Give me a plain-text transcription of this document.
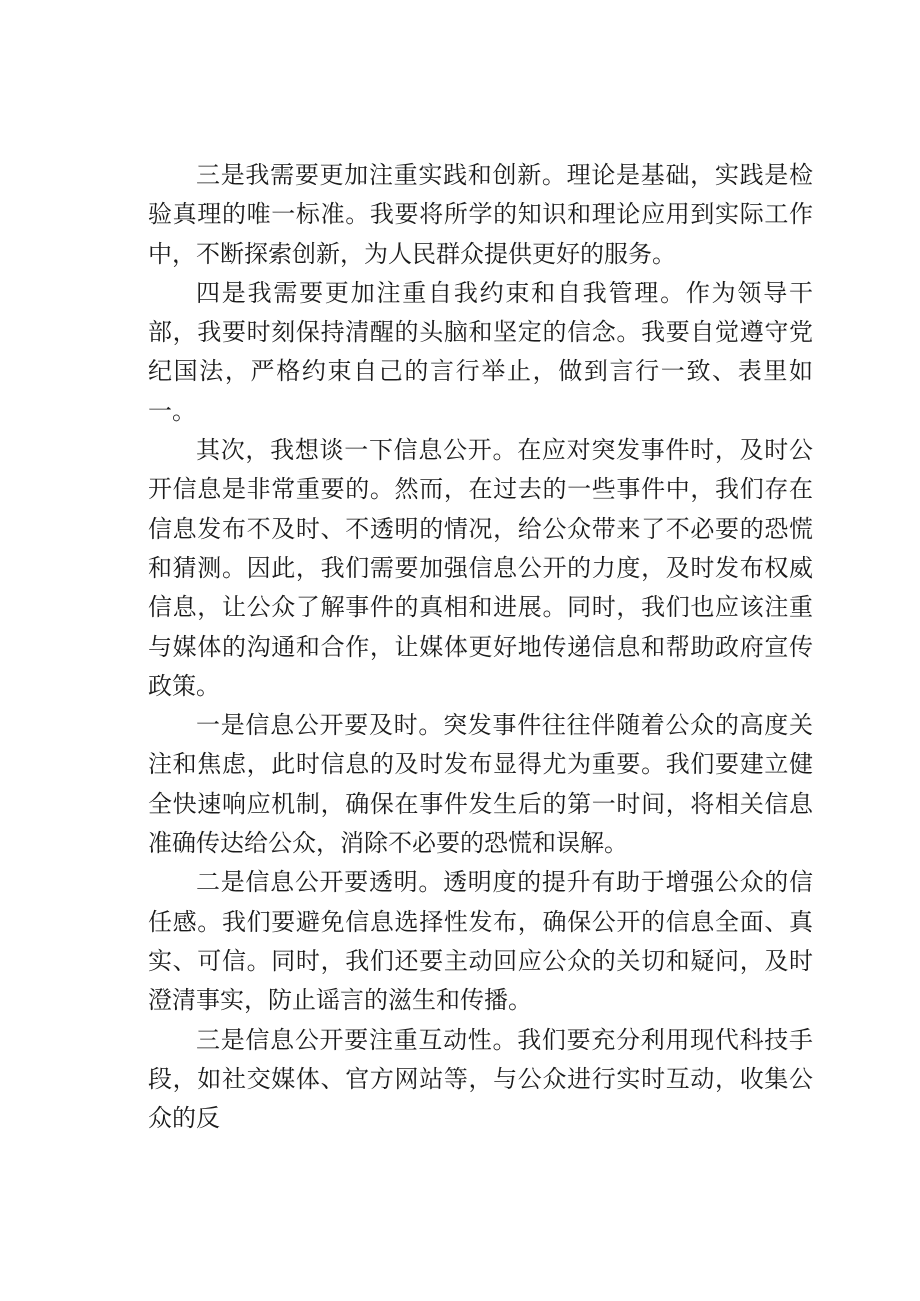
三是我需要更加注重实践和创新。理论是基础，实践是检验真理的唯一标准。我要将所学的知识和理论应用到实际工作中，不断探索创新，为人民群众提供更好的服务。

四是我需要更加注重自我约束和自我管理。作为领导干部，我要时刻保持清醒的头脑和坚定的信念。我要自觉遵守党纪国法，严格约束自己的言行举止，做到言行一致、表里如一。

其次，我想谈一下信息公开。在应对突发事件时，及时公开信息是非常重要的。然而，在过去的一些事件中，我们存在信息发布不及时、不透明的情况，给公众带来了不必要的恐慌和猜测。因此，我们需要加强信息公开的力度，及时发布权威信息，让公众了解事件的真相和进展。同时，我们也应该注重与媒体的沟通和合作，让媒体更好地传递信息和帮助政府宣传政策。

一是信息公开要及时。突发事件往往伴随着公众的高度关注和焦虑，此时信息的及时发布显得尤为重要。我们要建立健全快速响应机制，确保在事件发生后的第一时间，将相关信息准确传达给公众，消除不必要的恐慌和误解。

二是信息公开要透明。透明度的提升有助于增强公众的信任感。我们要避免信息选择性发布，确保公开的信息全面、真实、可信。同时，我们还要主动回应公众的关切和疑问，及时澄清事实，防止谣言的滋生和传播。

三是信息公开要注重互动性。我们要充分利用现代科技手段，如社交媒体、官方网站等，与公众进行实时互动，收集公众的反
